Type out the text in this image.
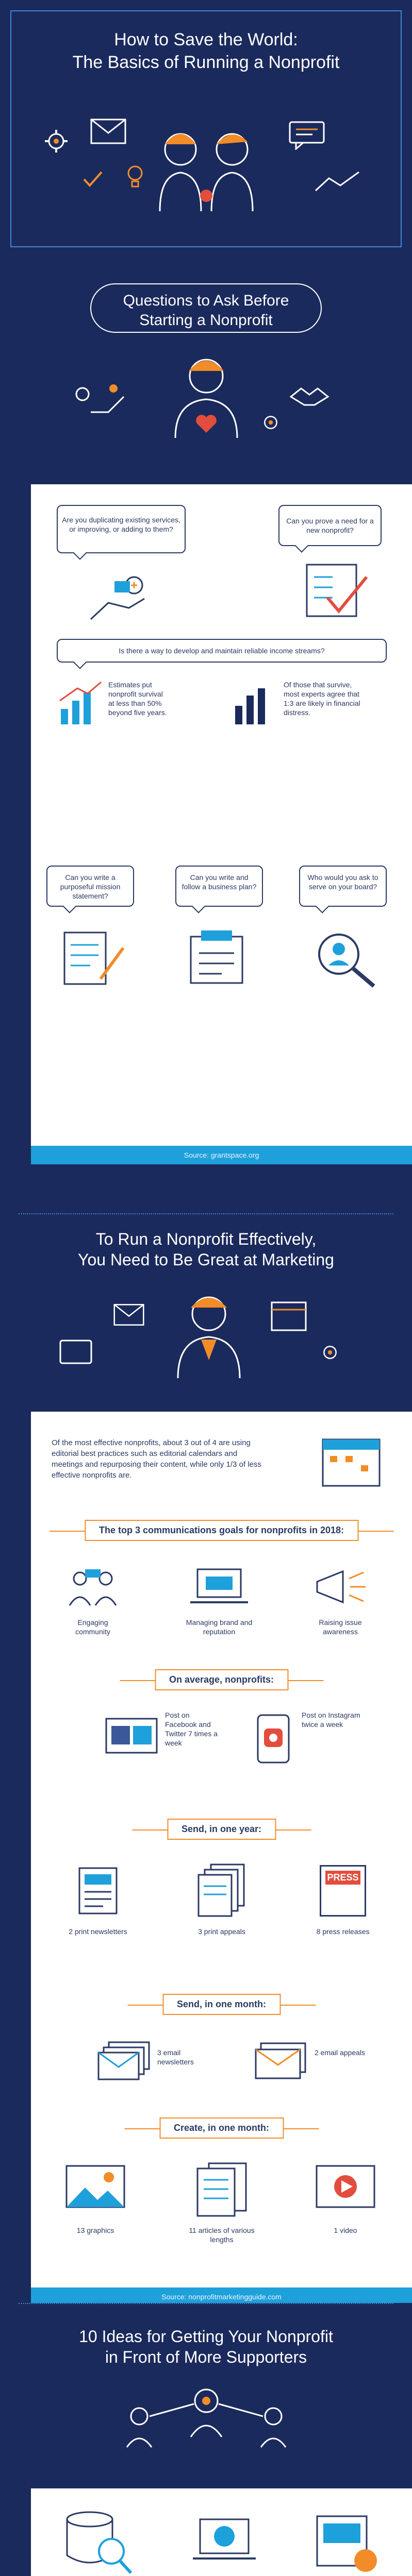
How to Save the World:
The Basics of Running a Nonprofit
Questions to Ask Before
Starting a Nonprofit
Are you duplicating existing services, or improving, or adding to them?
Can you prove a need for a new nonprofit?
Is there a way to develop and maintain reliable income streams?
Estimates put nonprofit survival at less than 50% beyond five years.
Of those that survive, most experts agree that 1:3 are likely in financial distress.
Can you write a purposeful mission statement?
Can you write and follow a business plan?
Who would you ask to serve on your board?
Source: grantspace.org
To Run a Nonprofit Effectively,
You Need to Be Great at Marketing
Of the most effective nonprofits, about 3 out of 4 are using editorial best practices such as editorial calendars and meetings and repurposing their content, while only 1/3 of less effective nonprofits are.
The top 3 communications goals for nonprofits in 2018:
Engaging community
Managing brand and reputation
Raising issue awareness
On average, nonprofits:
Post on Facebook and Twitter 7 times a week
Post on Instagram twice a week
Send, in one year:
2 print newsletters	3 print appeals
PRESS
8 press releases
Send, in one month:
3 email newsletters
2 email appeals
Create, in one month:
13 graphics	11 articles of various lengths
1 video
Source: nonprofitmarketingguide.com
10 Ideas for Getting Your Nonprofit
in Front of More Supporters
